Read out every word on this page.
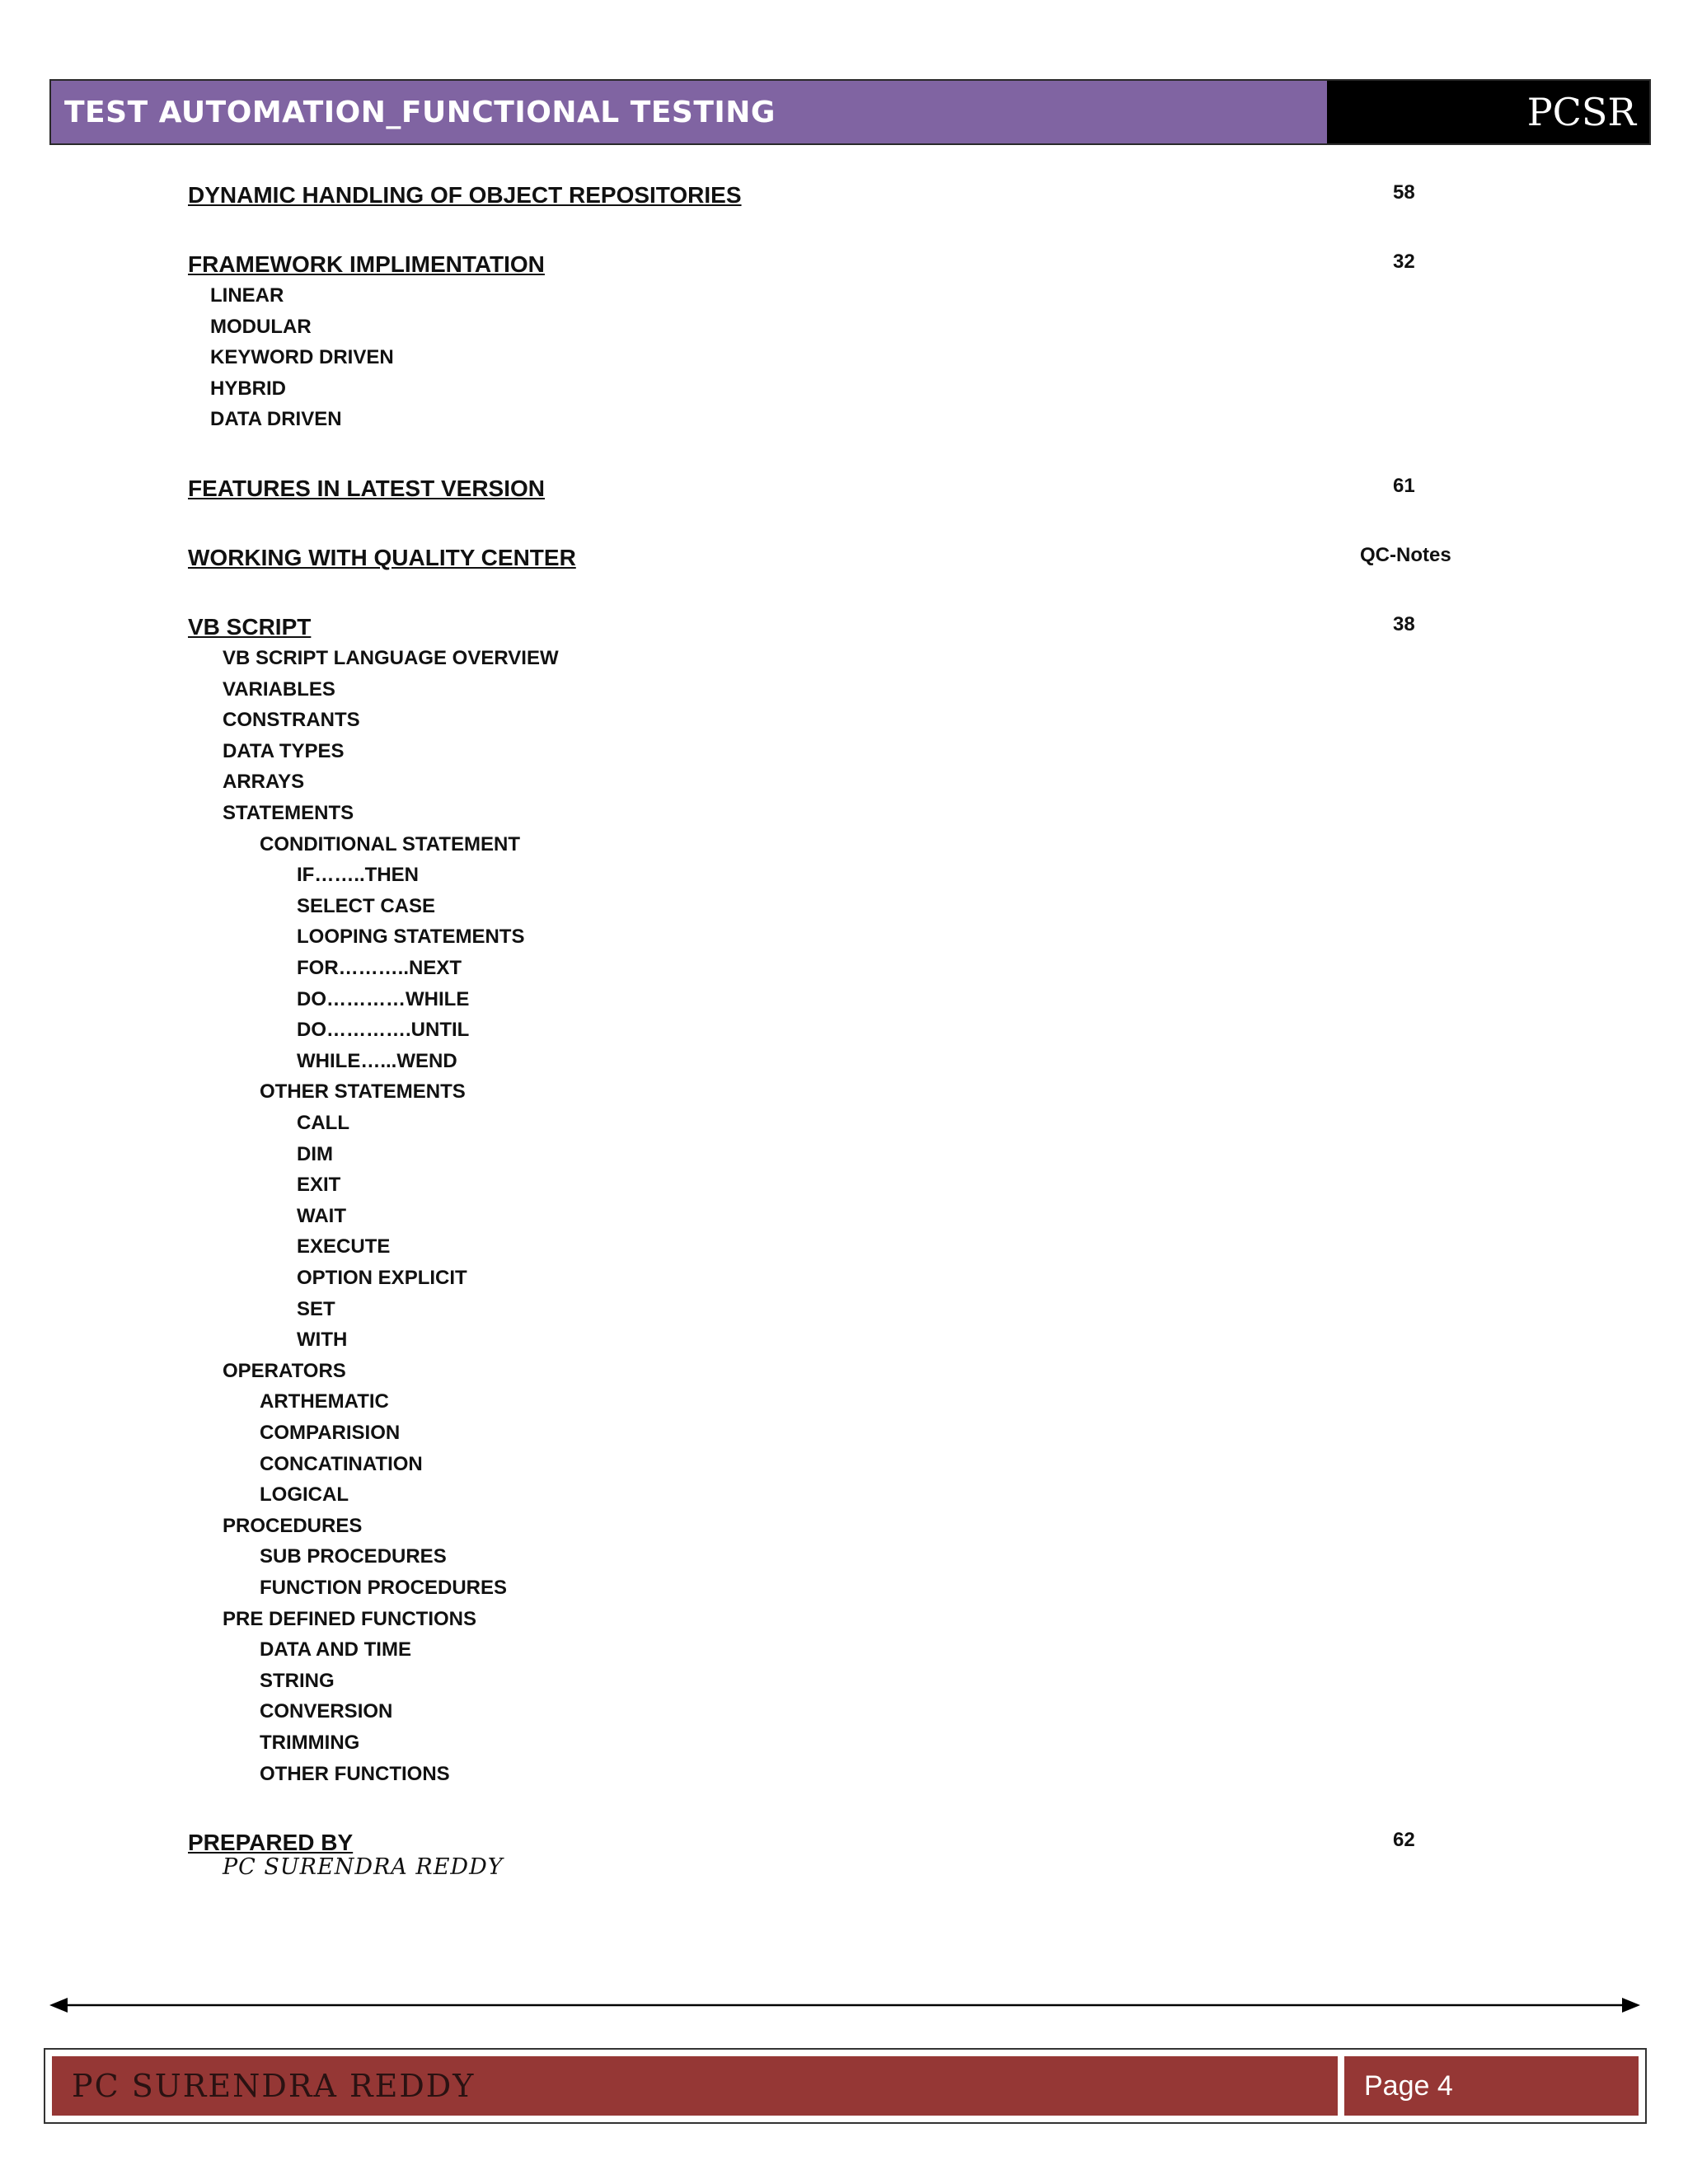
TEST AUTOMATION_FUNCTIONAL TESTING	PCSR
DYNAMIC HANDLING OF OBJECT REPOSITORIES	58
FRAMEWORK IMPLIMENTATION	32
LINEAR
MODULAR
KEYWORD DRIVEN
HYBRID
DATA DRIVEN
FEATURES IN LATEST VERSION	61
WORKING WITH QUALITY CENTER	QC-Notes
VB SCRIPT	38
VB SCRIPT LANGUAGE OVERVIEW
VARIABLES
CONSTRANTS
DATA TYPES
ARRAYS
STATEMENTS
CONDITIONAL STATEMENT
IF……..THEN
SELECT CASE
LOOPING STATEMENTS
FOR………..NEXT
DO…………WHILE
DO………….UNTIL
WHILE…...WEND
OTHER STATEMENTS
CALL
DIM
EXIT
WAIT
EXECUTE
OPTION EXPLICIT
SET
WITH
OPERATORS
ARTHEMATIC
COMPARISION
CONCATINATION
LOGICAL
PROCEDURES
SUB PROCEDURES
FUNCTION PROCEDURES
PRE DEFINED FUNCTIONS
DATA AND TIME
STRING
CONVERSION
TRIMMING
OTHER FUNCTIONS
PREPARED BY	62
PC SURENDRA REDDY
PC SURENDRA REDDY	Page 4
